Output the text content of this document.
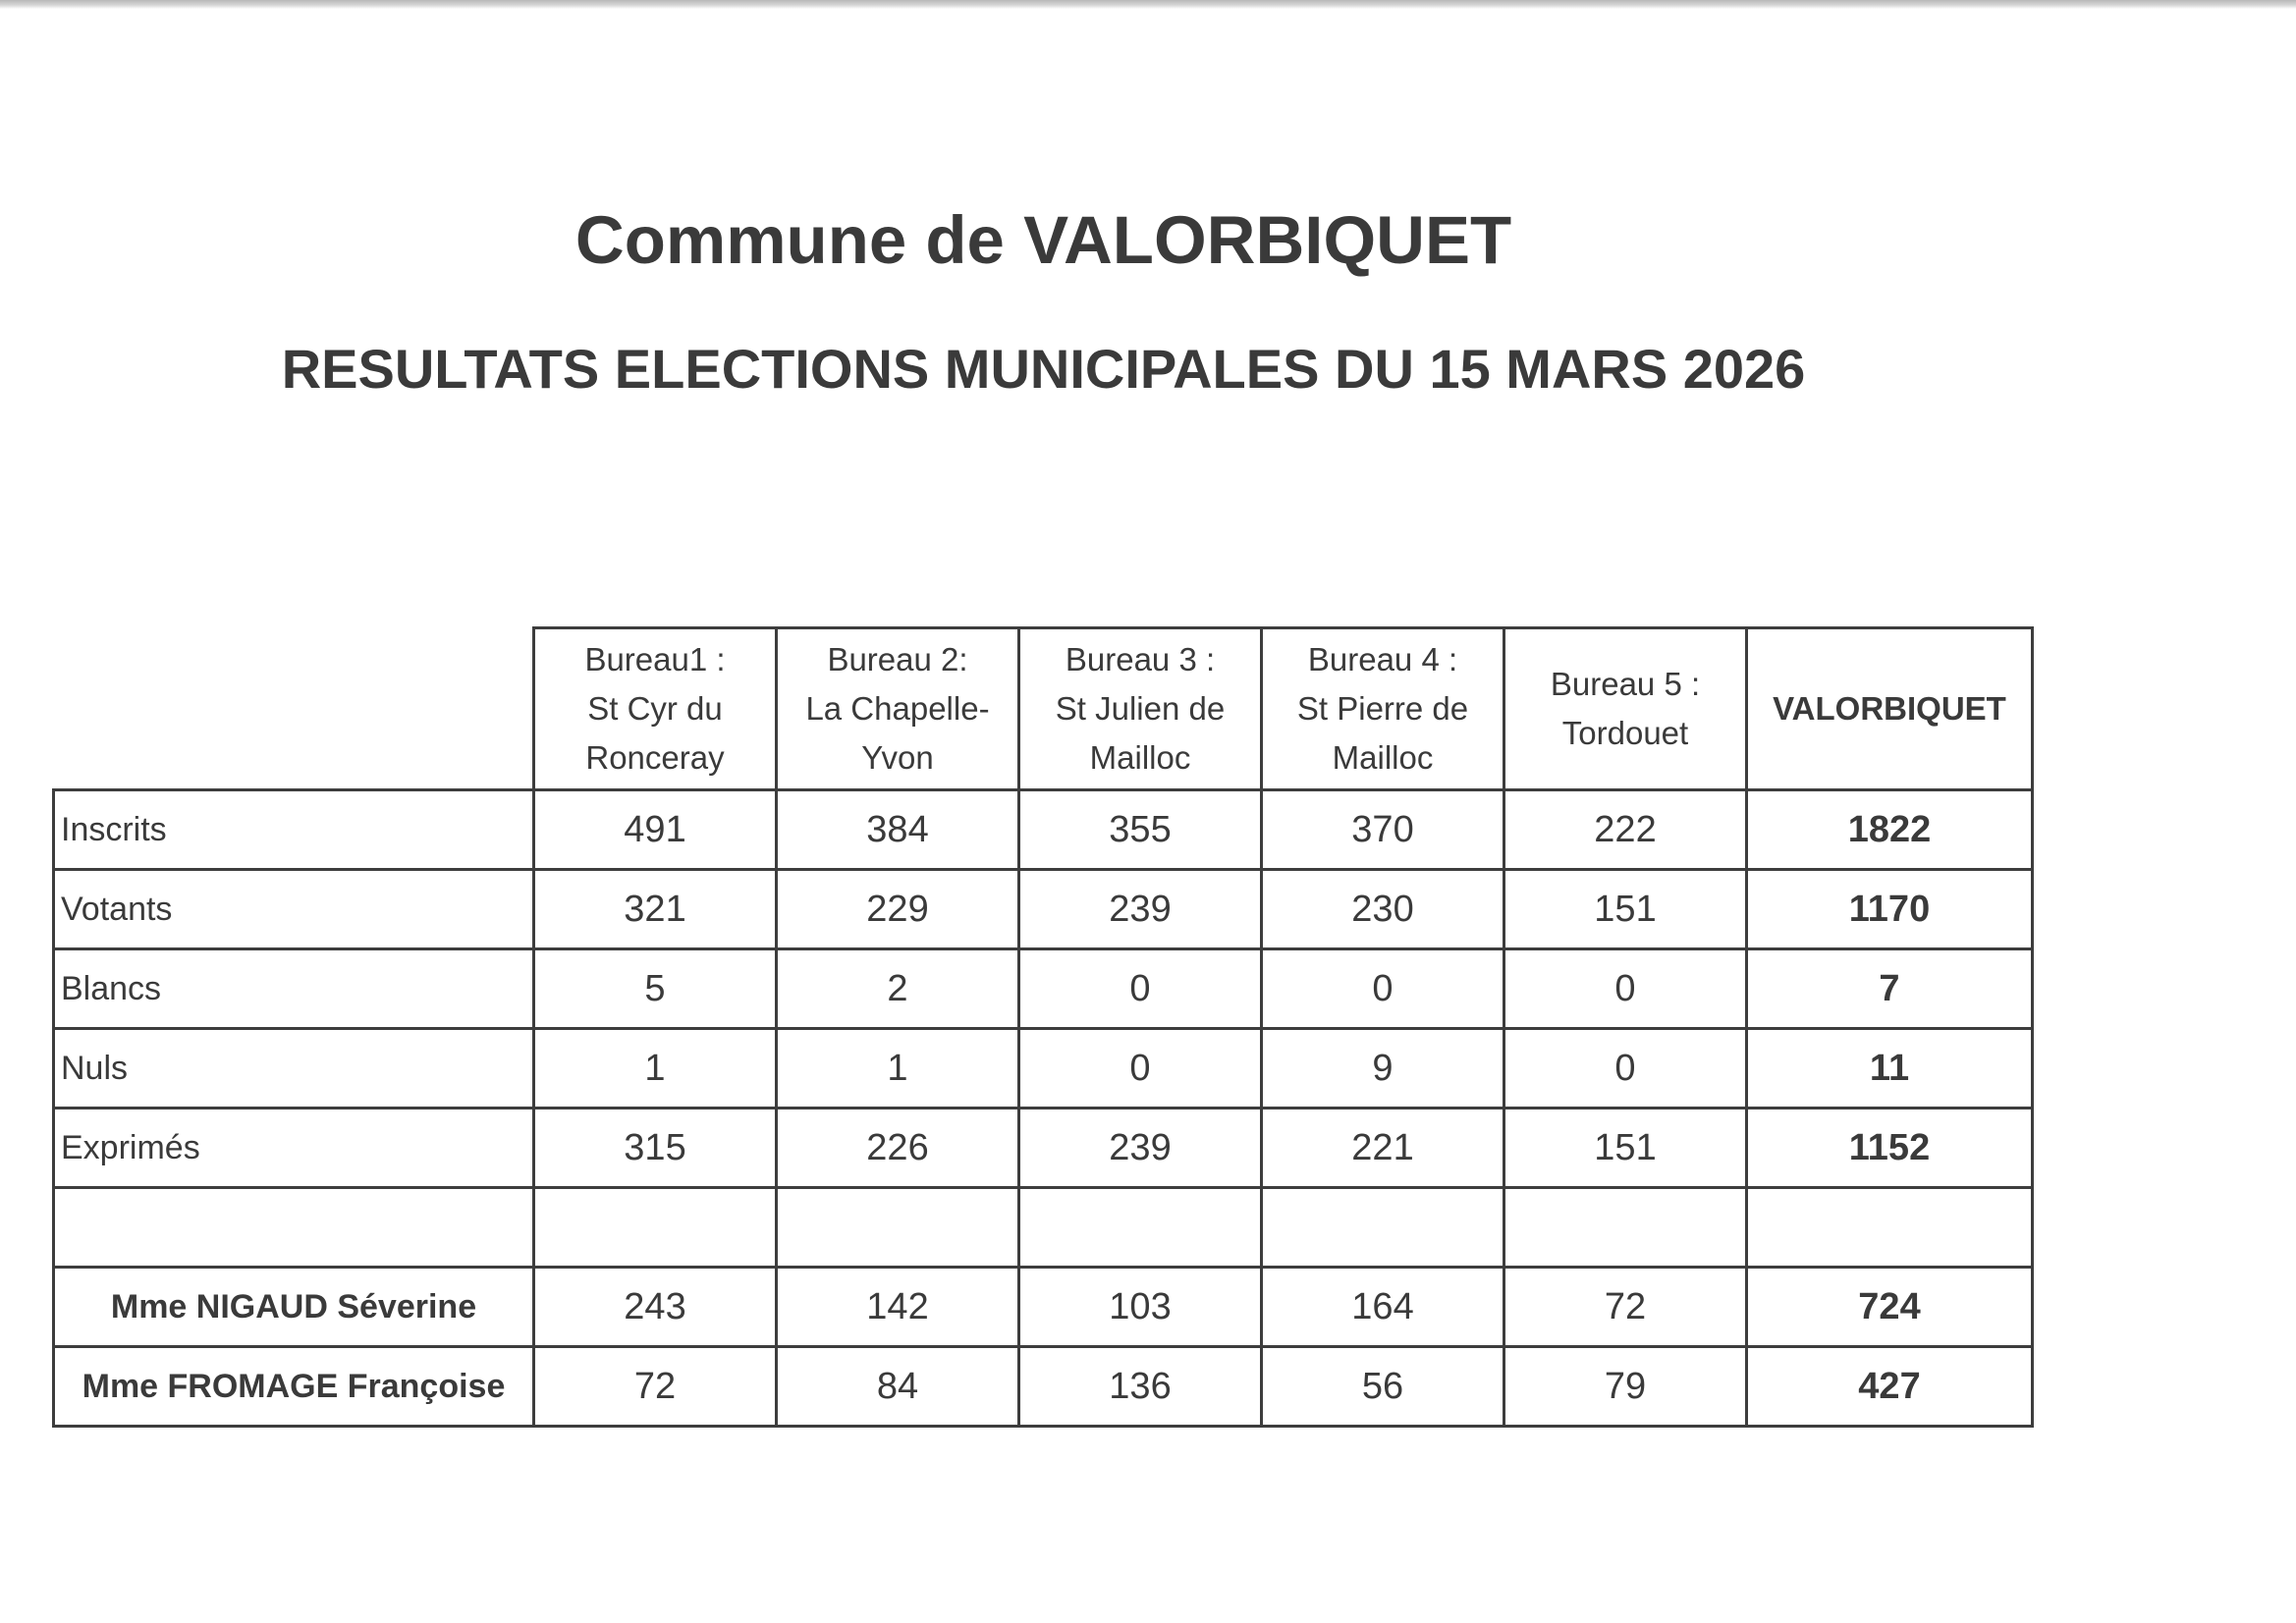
Commune de VALORBIQUET
RESULTATS ELECTIONS MUNICIPALES DU 15 MARS 2026

	Bureau1 :
St Cyr du
Ronceray	Bureau 2:
La Chapelle-
Yvon	Bureau 3 :
St Julien de
Mailloc	Bureau 4 :
St Pierre de
Mailloc	Bureau 5 :
Tordouet	VALORBIQUET

Inscrits	491	384	355	370	222	1822
Votants	321	229	239	230	151	1170
Blancs	5	2	0	0	0	7
Nuls	1	1	0	9	0	11
Exprimés	315	226	239	221	151	1152

Mme NIGAUD Séverine	243	142	103	164	72	724
Mme FROMAGE Françoise	72	84	136	56	79	427
